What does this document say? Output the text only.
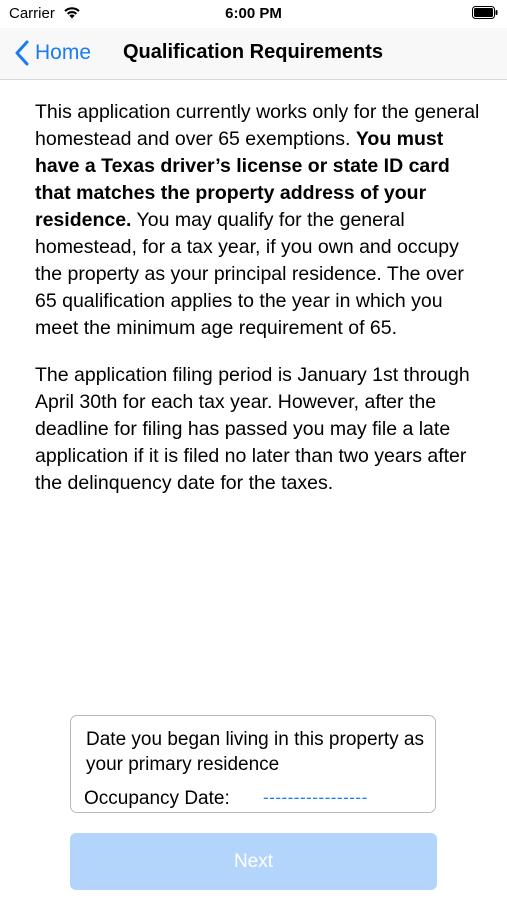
Carrier	6:00 PM
Home Qualification Requirements

This application currently works only for the general homestead and over 65 exemptions. You must have a Texas driver’s license or state ID card that matches the property address of your residence. You may qualify for the general homestead, for a tax year, if you own and occupy the property as your principal residence. The over 65 qualification applies to the year in which you meet the minimum age requirement of 65.

The application filing period is January 1st through April 30th for each tax year. However, after the deadline for filing has passed you may file a late application if it is filed no later than two years after the delinquency date for the taxes.

Date you began living in this property as your primary residence
Occupancy Date: -----------------
Next
